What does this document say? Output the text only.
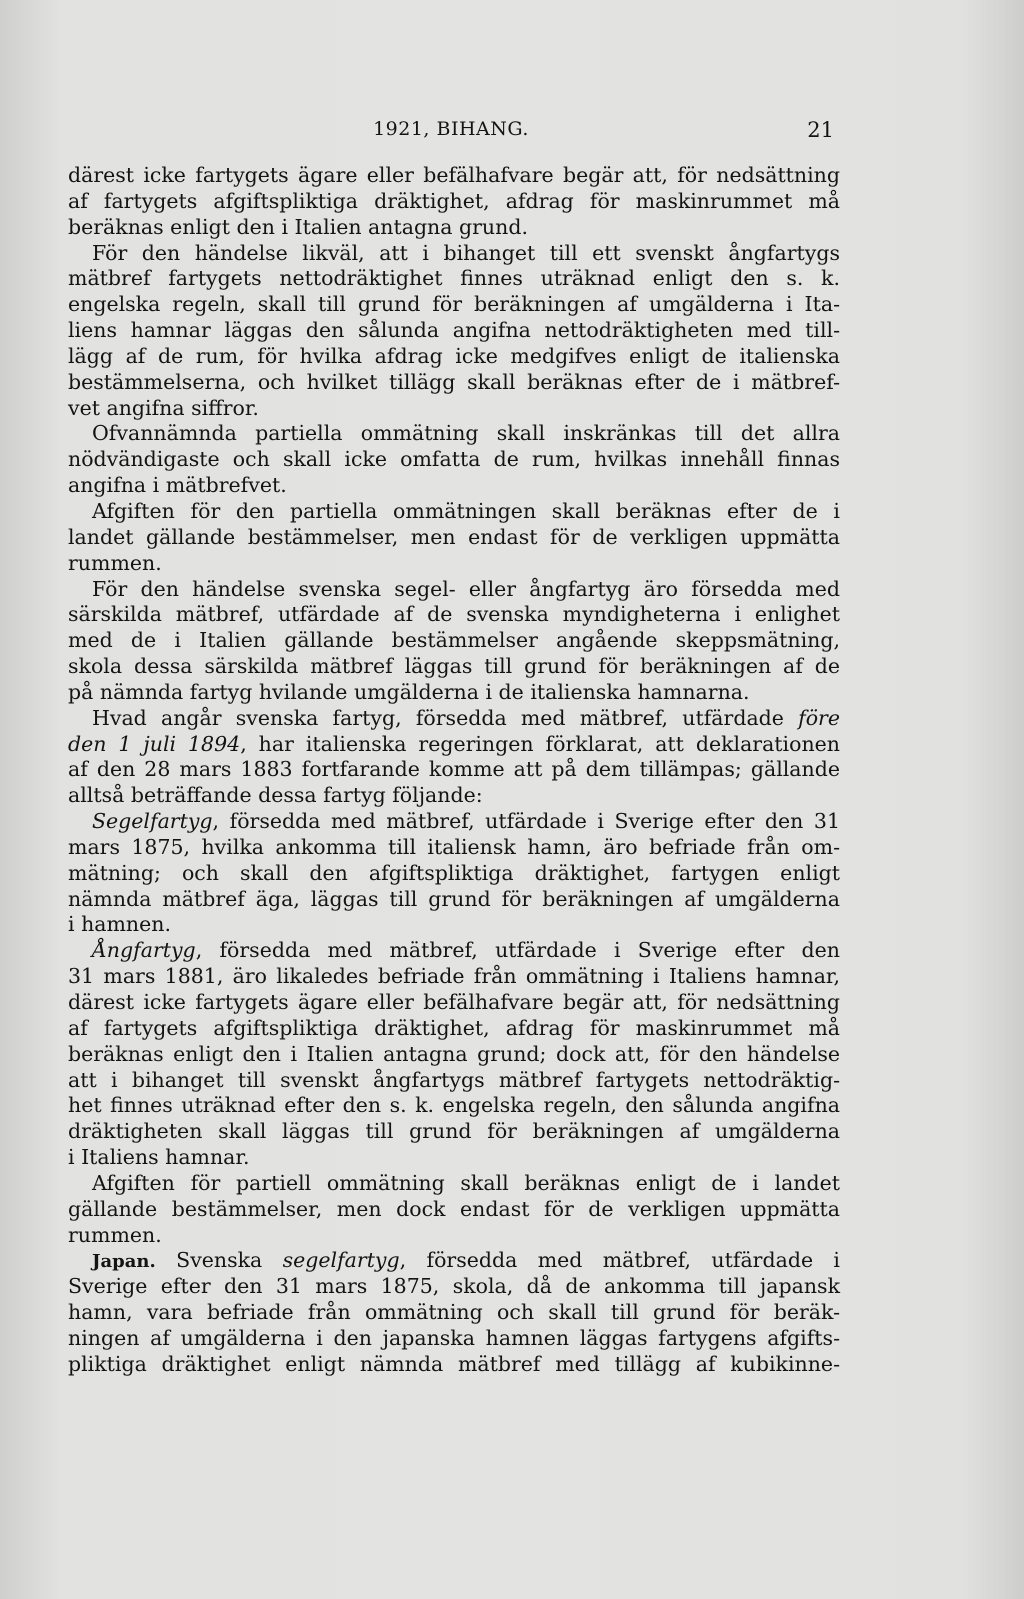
1921, BIHANG.	21
därest icke fartygets ägare eller befälhafvare begär att, för nedsättning
af fartygets afgiftspliktiga dräktighet, afdrag för maskinrummet må
beräknas enligt den i Italien antagna grund.
För den händelse likväl, att i bihanget till ett svenskt ångfartygs
mätbref fartygets nettodräktighet finnes uträknad enligt den s. k.
engelska regeln, skall till grund för beräkningen af umgälderna i Ita-
liens hamnar läggas den sålunda angifna nettodräktigheten med till-
lägg af de rum, för hvilka afdrag icke medgifves enligt de italienska
bestämmelserna, och hvilket tillägg skall beräknas efter de i mätbref-
vet angifna siffror.
Ofvannämnda partiella ommätning skall inskränkas till det allra
nödvändigaste och skall icke omfatta de rum, hvilkas innehåll finnas
angifna i mätbrefvet.
Afgiften för den partiella ommätningen skall beräknas efter de i
landet gällande bestämmelser, men endast för de verkligen uppmätta
rummen.
För den händelse svenska segel- eller ångfartyg äro försedda med
särskilda mätbref, utfärdade af de svenska myndigheterna i enlighet
med de i Italien gällande bestämmelser angående skeppsmätning,
skola dessa särskilda mätbref läggas till grund för beräkningen af de
på nämnda fartyg hvilande umgälderna i de italienska hamnarna.
Hvad angår svenska fartyg, försedda med mätbref, utfärdade före
den 1 juli 1894, har italienska regeringen förklarat, att deklarationen
af den 28 mars 1883 fortfarande komme att på dem tillämpas; gällande
alltså beträffande dessa fartyg följande:
Segelfartyg, försedda med mätbref, utfärdade i Sverige efter den 31
mars 1875, hvilka ankomma till italiensk hamn, äro befriade från om-
mätning; och skall den afgiftspliktiga dräktighet, fartygen enligt
nämnda mätbref äga, läggas till grund för beräkningen af umgälderna
i hamnen.
Ångfartyg, försedda med mätbref, utfärdade i Sverige efter den
31 mars 1881, äro likaledes befriade från ommätning i Italiens hamnar,
därest icke fartygets ägare eller befälhafvare begär att, för nedsättning
af fartygets afgiftspliktiga dräktighet, afdrag för maskinrummet må
beräknas enligt den i Italien antagna grund; dock att, för den händelse
att i bihanget till svenskt ångfartygs mätbref fartygets nettodräktig-
het finnes uträknad efter den s. k. engelska regeln, den sålunda angifna
dräktigheten skall läggas till grund för beräkningen af umgälderna
i Italiens hamnar.
Afgiften för partiell ommätning skall beräknas enligt de i landet
gällande bestämmelser, men dock endast för de verkligen uppmätta
rummen.
Japan. Svenska segelfartyg, försedda med mätbref, utfärdade i
Sverige efter den 31 mars 1875, skola, då de ankomma till japansk
hamn, vara befriade från ommätning och skall till grund för beräk-
ningen af umgälderna i den japanska hamnen läggas fartygens afgifts-
pliktiga dräktighet enligt nämnda mätbref med tillägg af kubikinne-
